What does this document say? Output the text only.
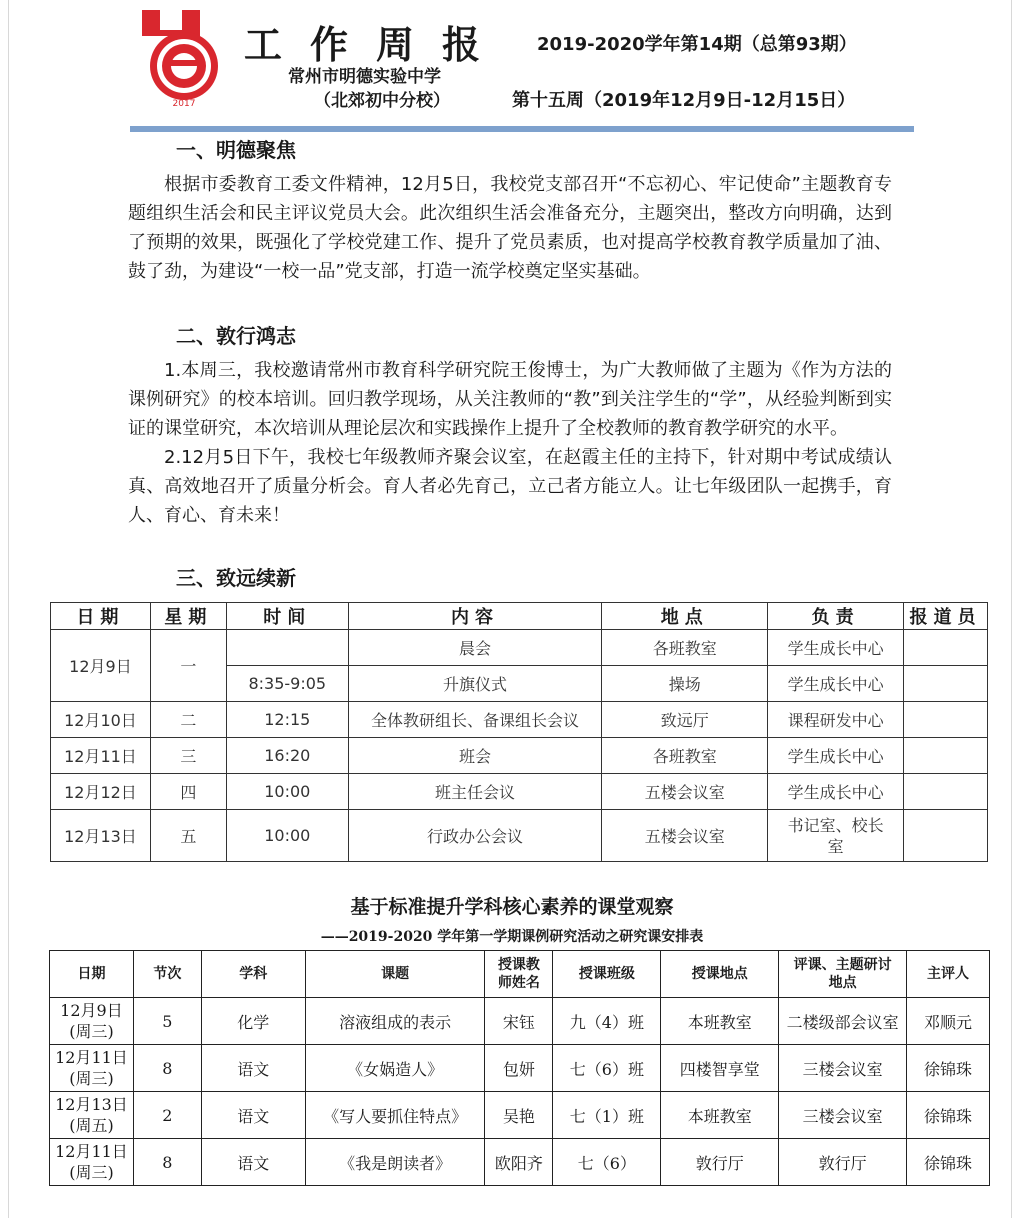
2017
工作周报 2019-2020学年第14期（总第93期）
常州市明德实验中学
（北郊初中分校）	第十五周（2019年12月9日-12月15日）
一、明德聚焦

根据市委教育工委文件精神，12月5日，我校党支部召开“不忘初心、牢记使命”主题教育专题组织生活会和民主评议党员大会。此次组织生活会准备充分，主题突出，整改方向明确，达到了预期的效果，既强化了学校党建工作、提升了党员素质，也对提高学校教育教学质量加了油、鼓了劲，为建设“一校一品”党支部，打造一流学校奠定坚实基础。

二、敦行鸿志

1.本周三，我校邀请常州市教育科学研究院王俊博士，为广大教师做了主题为《作为方法的课例研究》的校本培训。回归教学现场，从关注教师的“教”到关注学生的“学”，从经验判断到实证的课堂研究，本次培训从理论层次和实践操作上提升了全校教师的教育教学研究的水平。

2.12月5日下午，我校七年级教师齐聚会议室，在赵霞主任的主持下，针对期中考试成绩认真、高效地召开了质量分析会。育人者必先育己，立己者方能立人。让七年级团队一起携手，育人、育心、育未来！

三、致远续新
日期	星期	时间	内容	地点	负责	报道员
12月9日	一		晨会	各班教室	学生成长中心	
		8:35-9:05	升旗仪式	操场	学生成长中心	
12月10日	二	12:15	全体教研组长、备课组长会议	致远厅	课程研发中心	
12月11日	三	16:20	班会	各班教室	学生成长中心	
12月12日	四	10:00	班主任会议	五楼会议室	学生成长中心	
12月13日	五	10:00	行政办公会议	五楼会议室	书记室、校长室	
基于标准提升学科核心素养的课堂观察
——2019-2020 学年第一学期课例研究活动之研究课安排表
日期	节次	学科	课题	授课教师姓名	授课班级	授课地点	评课、主题研讨地点	主评人

12月9日
(周三)	5	化学	溶液组成的表示	宋钰	九（4）班	本班教室	二楼级部会议室	邓顺元

12月11日
(周三)	8	语文	《女娲造人》	包妍	七（6）班	四楼智享堂	三楼会议室	徐锦珠

12月13日
(周五)	2	语文	《写人要抓住特点》	吴艳	七（1）班	本班教室	三楼会议室	徐锦珠

12月11日
(周三)	8	语文	《我是朗读者》	欧阳齐	七（6）	敦行厅	敦行厅	徐锦珠
